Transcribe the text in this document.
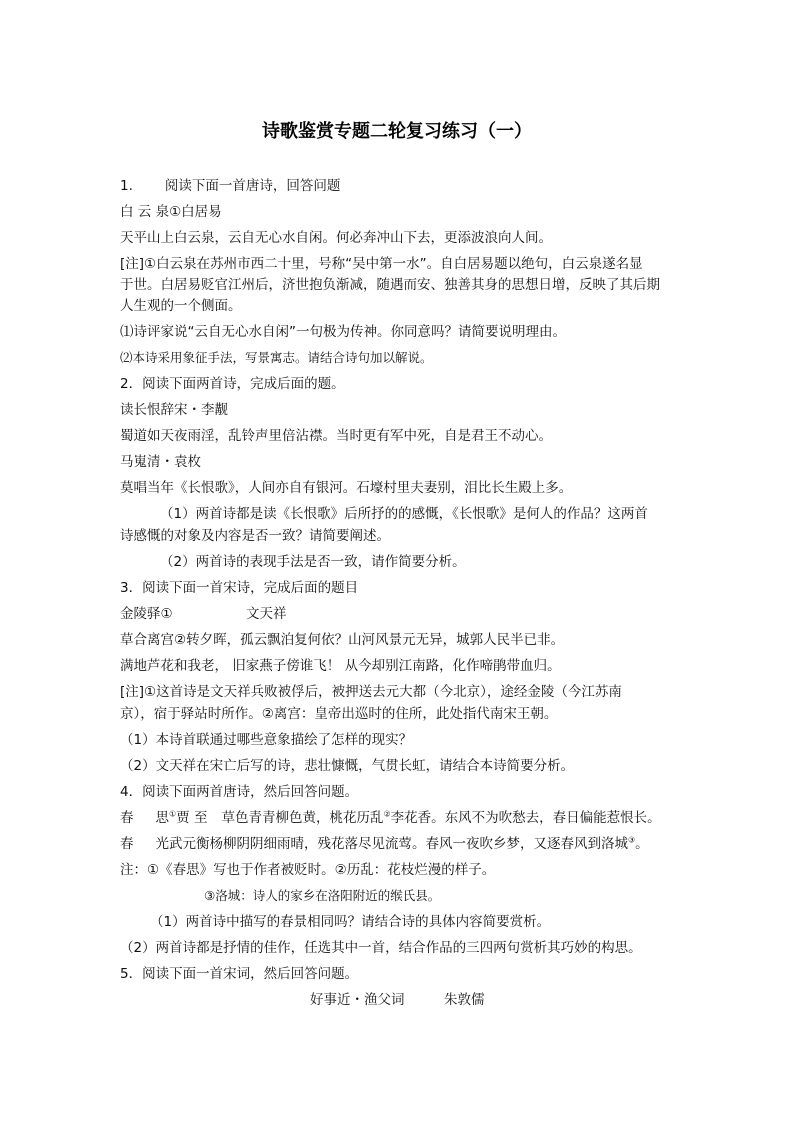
诗歌鉴赏专题二轮复习练习（一）
1. 阅读下面一首唐诗，回答问题
白 云 泉①白居易
天平山上白云泉，云自无心水自闲。何必奔冲山下去，更添波浪向人间。
[注]①白云泉在苏州市西二十里，号称“吴中第一水”。自白居易题以绝句，白云泉遂名显
于世。白居易贬官江州后，济世抱负渐减，随遇而安、独善其身的思想日增，反映了其后期
人生观的一个侧面。
⑴诗评家说“云自无心水自闲”一句极为传神。你同意吗？请简要说明理由。
⑵本诗采用象征手法，写景寓志。请结合诗句加以解说。
2．阅读下面两首诗，完成后面的题。
读长恨辞宋・李觏
蜀道如天夜雨淫，乱铃声里倍沾襟。当时更有军中死，自是君王不动心。
马嵬清・袁枚
莫唱当年《长恨歌》，人间亦自有银河。石壕村里夫妻别，泪比长生殿上多。
（1）两首诗都是读《长恨歌》后所抒的的感慨，《长恨歌》是何人的作品？这两首
诗感慨的对象及内容是否一致？请简要阐述。
（2）两首诗的表现手法是否一致，请作简要分析。
3．阅读下面一首宋诗，完成后面的题目
金陵驿①	文天祥
草合离宫②转夕晖，孤云飘泊复何依？山河风景元无异，城郭人民半已非。
满地芦花和我老， 旧家燕子傍谁飞！ 从今却别江南路，化作啼鹃带血归。
[注]①这首诗是文天祥兵败被俘后，被押送去元大都（今北京），途经金陵（今江苏南
京），宿于驿站时所作。②离宫：皇帝出巡时的住所，此处指代南宋王朝。
（1）本诗首联通过哪些意象描绘了怎样的现实？
（2）文天祥在宋亡后写的诗，悲壮慷慨，气贯长虹，请结合本诗简要分析。
4．阅读下面两首唐诗，然后回答问题。
春 思①贾 至 草色青青柳色黄，桃花历乱②李花香。东风不为吹愁去，春日偏能惹恨长。
春 光武元衡杨柳阴阴细雨晴，残花落尽见流莺。春风一夜吹乡梦，又逐春风到洛城③。
注：①《春思》写也于作者被贬时。②历乱：花枝烂漫的样子。
③洛城：诗人的家乡在洛阳附近的缑氏县。
（1）两首诗中描写的春景相同吗？请结合诗的具体内容简要赏析。
（2）两首诗都是抒情的佳作，任选其中一首，结合作品的三四两句赏析其巧妙的构思。
5．阅读下面一首宋词，然后回答问题。
好事近・渔父词	朱敦儒
